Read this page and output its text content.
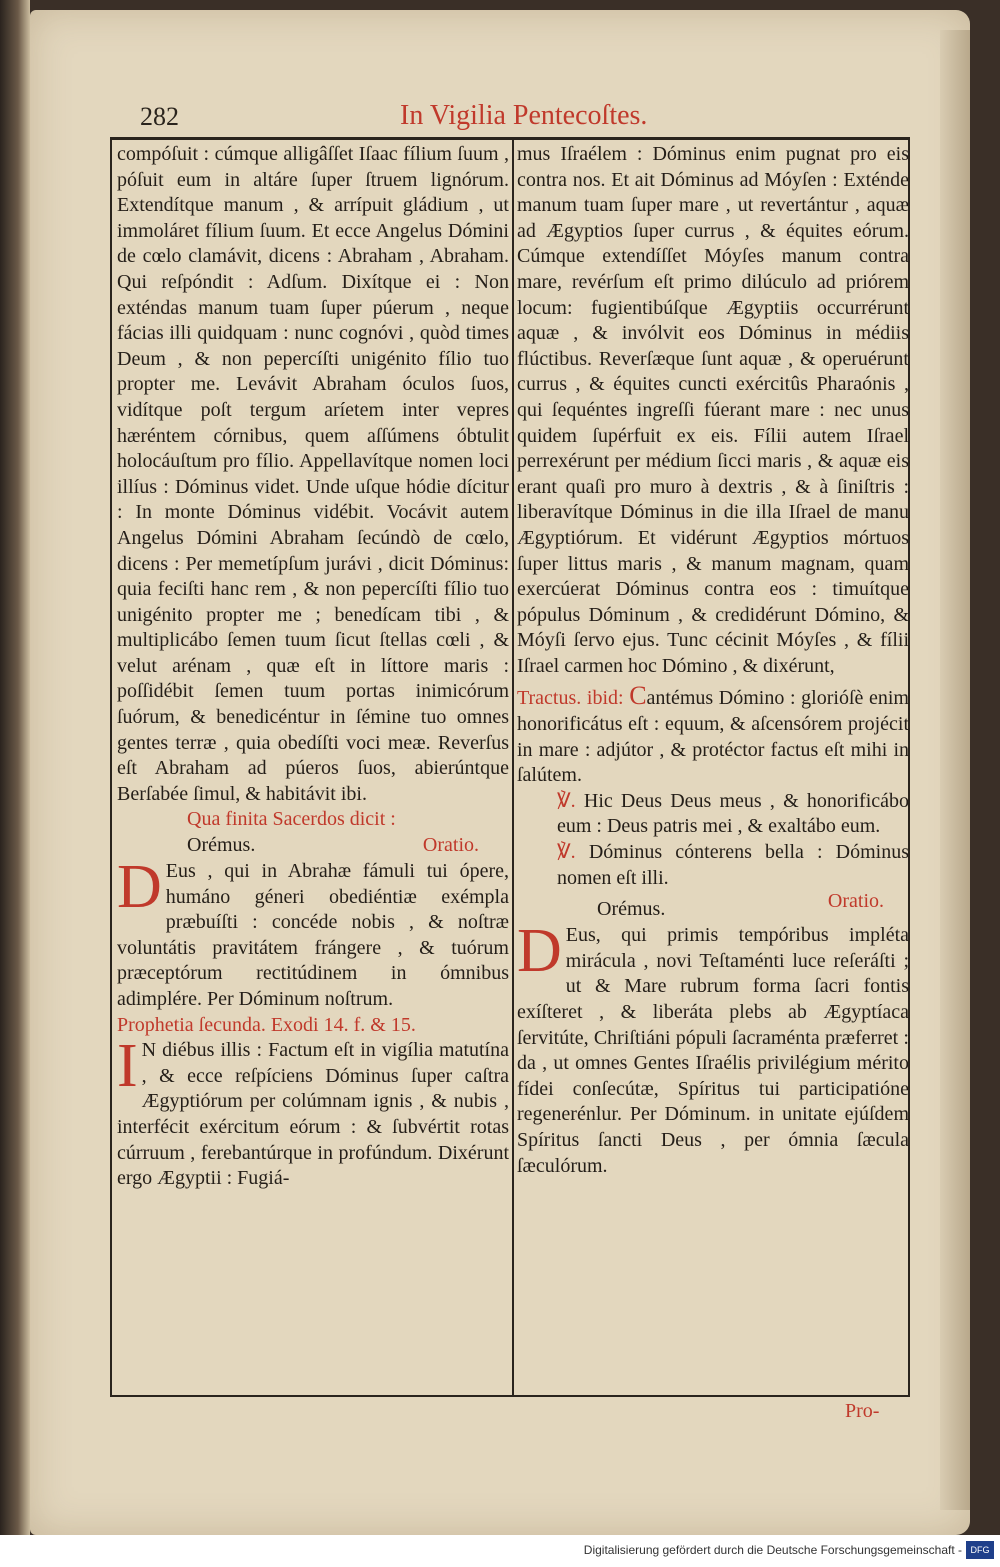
282	In Vigilia Pentecoſtes.

compóſuit : cúmque alligâſſet Iſaac fílium ſuum , póſuit eum in altáre ſuper ſtruem lignórum. Extendítque manum , & arrípuit gládium , ut immoláret fílium ſuum. Et ecce Angelus Dómini de cœlo clamávit, dicens : Abraham , Abraham. Qui reſpóndit : Adſum. Dixítque ei : Non exténdas manum tuam ſuper púerum , neque fácias illi quidquam : nunc cognóvi , quòd times Deum , & non pepercíſti unigénito fílio tuo propter me. Levávit Abraham óculos ſuos, vidítque poſt tergum aríetem inter vepres hæréntem córnibus, quem aſſúmens óbtulit holocáuſtum pro fílio. Appellavítque nomen loci illíus : Dóminus videt. Unde uſque hódie dícitur : In monte Dóminus vidébit. Vocávit autem Angelus Dómini Abraham ſecúndò de cœlo, dicens : Per memetípſum jurávi , dicit Dóminus: quia feciſti hanc rem , & non pepercíſti fílio tuo unigénito propter me ; benedícam tibi , & multiplicábo ſemen tuum ſicut ſtellas cœli , & velut arénam , quæ eſt in líttore maris : poſſidébit ſemen tuum portas inimicórum ſuórum, & benedicéntur in ſémine tuo omnes gentes terræ , quia obedíſti voci meæ. Reverſus eſt Abraham ad púeros ſuos, abierúntque Berſabée ſimul, & habitávit ibi.

Qua finita Sacerdos dicit :

Orémus.	Oratio.

D Eus , qui in Abrahæ fámuli tui ópere, humáno géneri obediéntiæ exémpla præbuíſti : concéde nobis , & noſtræ voluntátis pravitátem frángere , & tuórum præceptórum rectitúdinem in ómnibus adimplére. Per Dóminum noſtrum.

Prophetia ſecunda. Exodi 14. f. & 15.

I N diébus illis : Factum eſt in vigília matutína , & ecce reſpíciens Dóminus ſuper caſtra Ægyptiórum per colúmnam ignis , & nubis , interfécit exércitum eórum : & ſubvértit rotas cúrruum , ferebantúrque in profúndum. Dixérunt ergo Ægyptii : Fugiá-

mus Iſraélem : Dóminus enim pugnat pro eis contra nos. Et ait Dóminus ad Móyſen : Exténde manum tuam ſuper mare , ut revertántur , aquæ ad Ægyptios ſuper currus , & équites eórum. Cúmque extendíſſet Móyſes manum contra mare, revérſum eſt primo dilúculo ad priórem locum: fugientibúſque Ægyptiis occurrérunt aquæ , & invólvit eos Dóminus in médiis flúctibus. Reverſæque ſunt aquæ , & operuérunt currus , & équites cuncti exércitûs Pharaónis , qui ſequéntes ingreſſi fúerant mare : nec unus quidem ſupérfuit ex eis. Fílii autem Iſrael perrexérunt per médium ſicci maris , & aquæ eis erant quaſi pro muro à dextris , & à ſiniſtris : liberavítque Dóminus in die illa Iſrael de manu Ægyptiórum. Et vidérunt Ægyptios mórtuos ſuper littus maris , & manum magnam, quam exercúerat Dóminus contra eos : timuítque pópulus Dóminum , & credidérunt Dómino, & Móyſi ſervo ejus. Tunc cécinit Móyſes , & fílii Iſrael carmen hoc Dómino , & dixérunt,

Tractus. ibid: Cantémus Dómino : glorióſè enim honorificátus eſt : equum, & aſcensórem projécit in mare : adjútor , & protéctor factus eſt mihi in ſalútem.

℣. Hic Deus Deus meus , & honorificábo eum : Deus patris mei , & exaltábo eum.

℣. Dóminus cónterens bella : Dóminus nomen eſt illi.

Orémus.	Oratio.

D Eus, qui primis tempóribus impléta mirácula , novi Teſtaménti luce reſeráſti ; ut & Mare rubrum forma ſacri fontis exíſteret , & liberáta plebs ab Ægyptíaca ſervitúte, Chriſtiáni pópuli ſacraménta præferret : da , ut omnes Gentes Iſraélis privilégium mérito fídei conſecútæ, Spíritus tui participatióne regenerénlur. Per Dóminum. in unitate ejúſdem Spíritus ſancti Deus , per ómnia ſæcula ſæculórum.

Pro-
Digitalisierung gefördert durch die Deutsche Forschungsgemeinschaft - DFG
